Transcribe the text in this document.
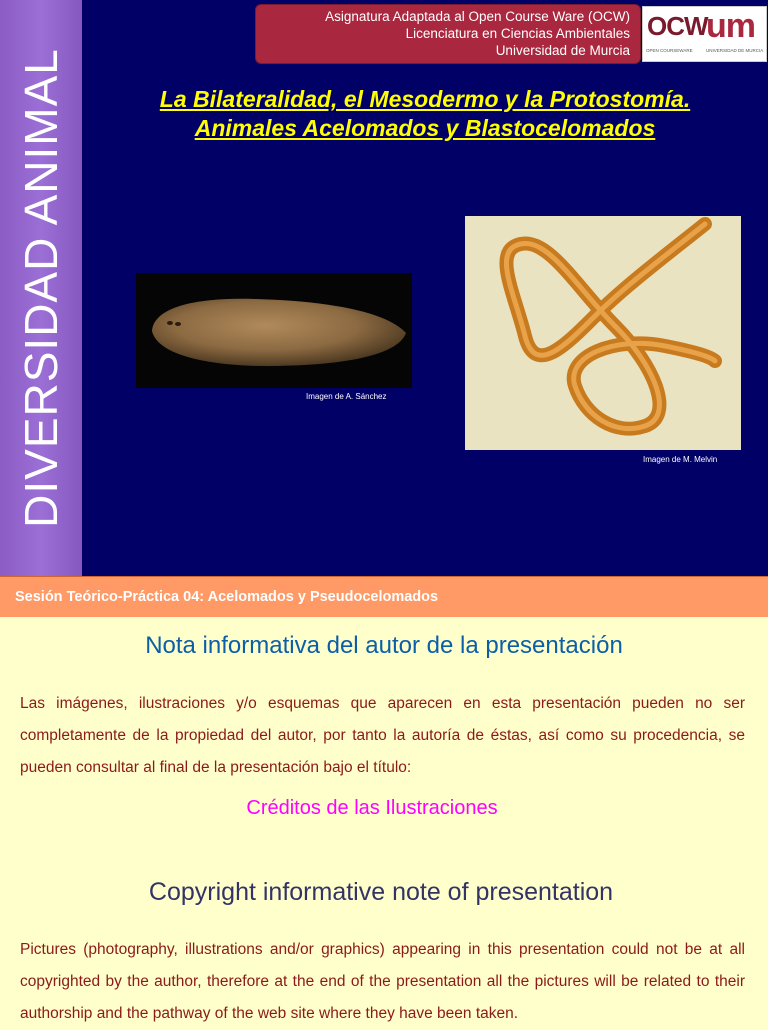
DIVERSIDAD ANIMAL
Asignatura Adaptada al Open Course Ware (OCW)
Licenciatura en Ciencias Ambientales
Universidad de Murcia
OCW
um
OPEN COURSEWARE	UNIVERSIDAD DE MURCIA
La Bilateralidad, el Mesodermo y la Protostomía.
Animales Acelomados y Blastocelomados
Imagen de A. Sánchez
Imagen de M. Melvin
Sesión Teórico-Práctica 04: Acelomados y Pseudocelomados
Nota informativa del autor de la presentación
Las imágenes, ilustraciones y/o esquemas que aparecen en esta presentación pueden no ser completamente de la propiedad del autor, por tanto la autoría de éstas, así como su procedencia, se pueden consultar al final de la presentación bajo el título:
Créditos de las Ilustraciones
Copyright informative note of presentation
Pictures (photography, illustrations and/or graphics) appearing in this presentation could not be at all copyrighted by the author, therefore at the end of the presentation all the pictures will be related to their authorship and the pathway of the web site where they have been taken.
